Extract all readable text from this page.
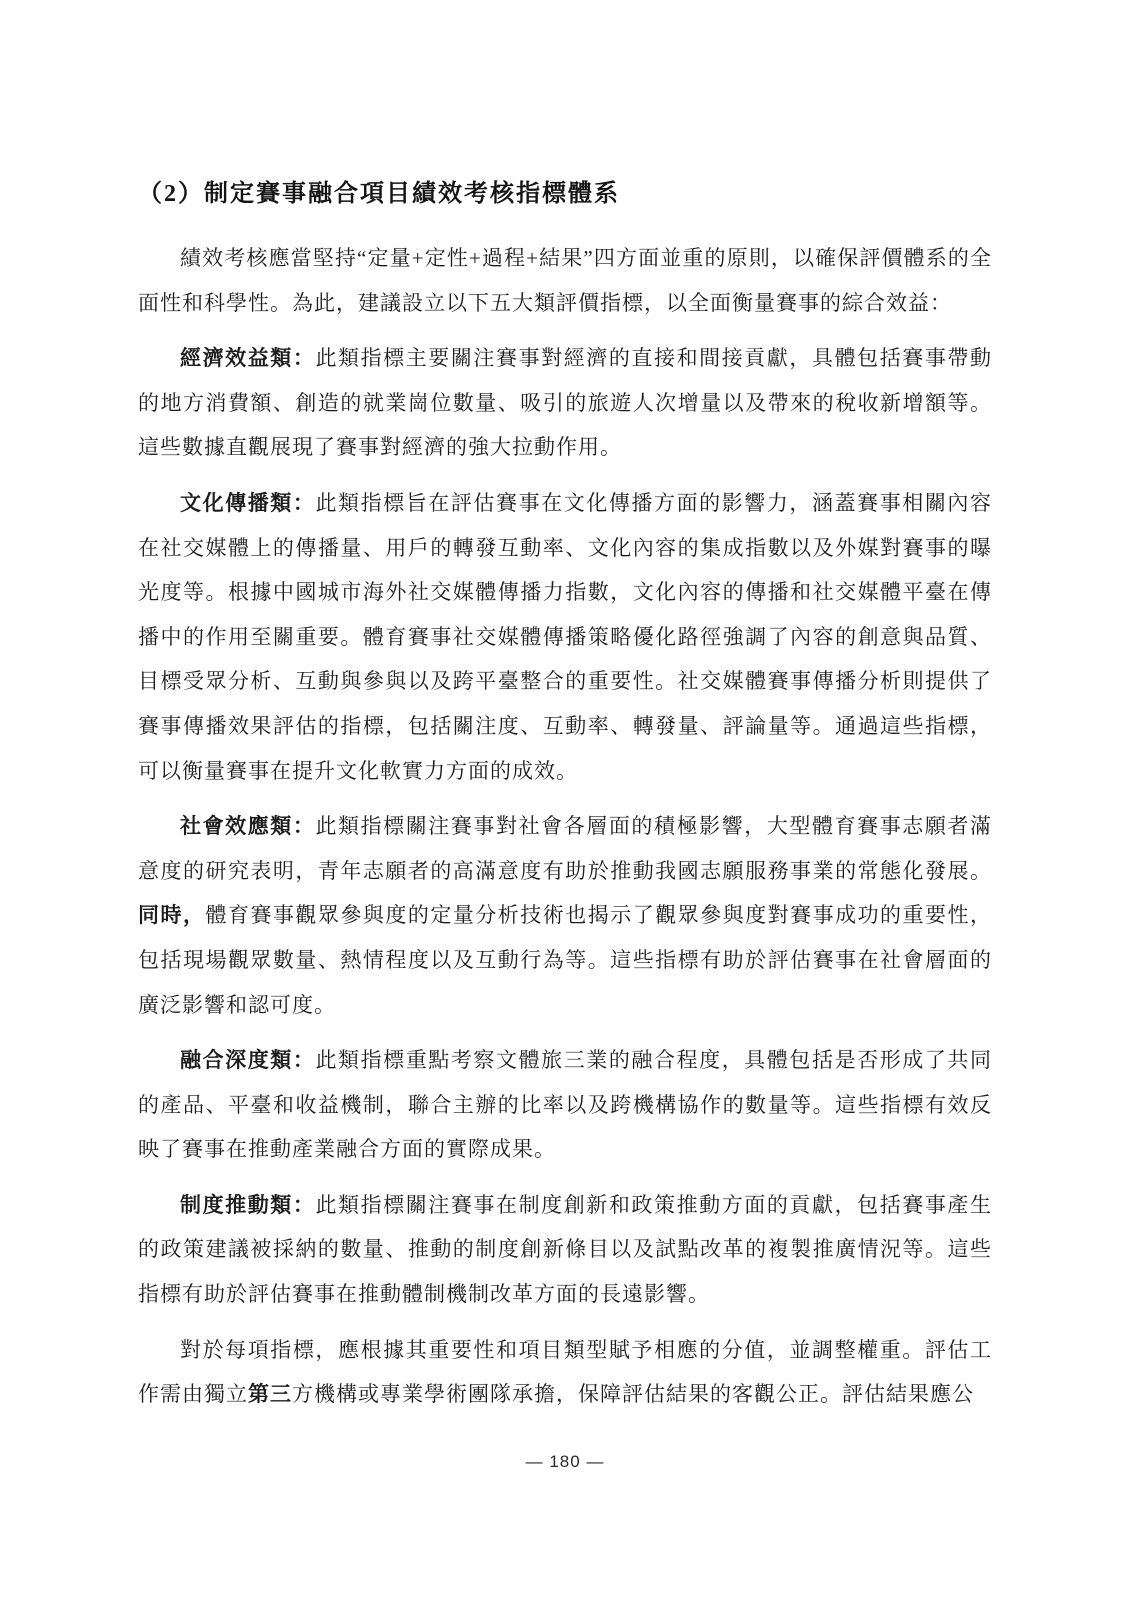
（2）制定賽事融合項目績效考核指標體系

績效考核應當堅持“定量+定性+過程+結果”四方面並重的原則，以確保評價體系的全面性和科學性。為此，建議設立以下五大類評價指標，以全面衡量賽事的綜合效益：

經濟效益類：此類指標主要關注賽事對經濟的直接和間接貢獻，具體包括賽事帶動的地方消費額、創造的就業崗位數量、吸引的旅遊人次增量以及帶來的稅收新增額等。這些數據直觀展現了賽事對經濟的強大拉動作用。

文化傳播類：此類指標旨在評估賽事在文化傳播方面的影響力，涵蓋賽事相關內容在社交媒體上的傳播量、用戶的轉發互動率、文化內容的集成指數以及外媒對賽事的曝光度等。根據中國城市海外社交媒體傳播力指數，文化內容的傳播和社交媒體平臺在傳播中的作用至關重要。體育賽事社交媒體傳播策略優化路徑強調了內容的創意與品質、目標受眾分析、互動與參與以及跨平臺整合的重要性。社交媒體賽事傳播分析則提供了賽事傳播效果評估的指標，包括關注度、互動率、轉發量、評論量等。通過這些指標，可以衡量賽事在提升文化軟實力方面的成效。

社會效應類：此類指標關注賽事對社會各層面的積極影響，大型體育賽事志願者滿意度的研究表明，青年志願者的高滿意度有助於推動我國志願服務事業的常態化發展。同時，體育賽事觀眾參與度的定量分析技術也揭示了觀眾參與度對賽事成功的重要性，包括現場觀眾數量、熱情程度以及互動行為等。這些指標有助於評估賽事在社會層面的廣泛影響和認可度。

融合深度類：此類指標重點考察文體旅三業的融合程度，具體包括是否形成了共同的產品、平臺和收益機制，聯合主辦的比率以及跨機構協作的數量等。這些指標有效反映了賽事在推動產業融合方面的實際成果。

制度推動類：此類指標關注賽事在制度創新和政策推動方面的貢獻，包括賽事產生的政策建議被採納的數量、推動的制度創新條目以及試點改革的複製推廣情況等。這些指標有助於評估賽事在推動體制機制改革方面的長遠影響。

對於每項指標，應根據其重要性和項目類型賦予相應的分值，並調整權重。評估工作需由獨立第三方機構或專業學術團隊承擔，保障評估結果的客觀公正。評估結果應公

— 180 —
